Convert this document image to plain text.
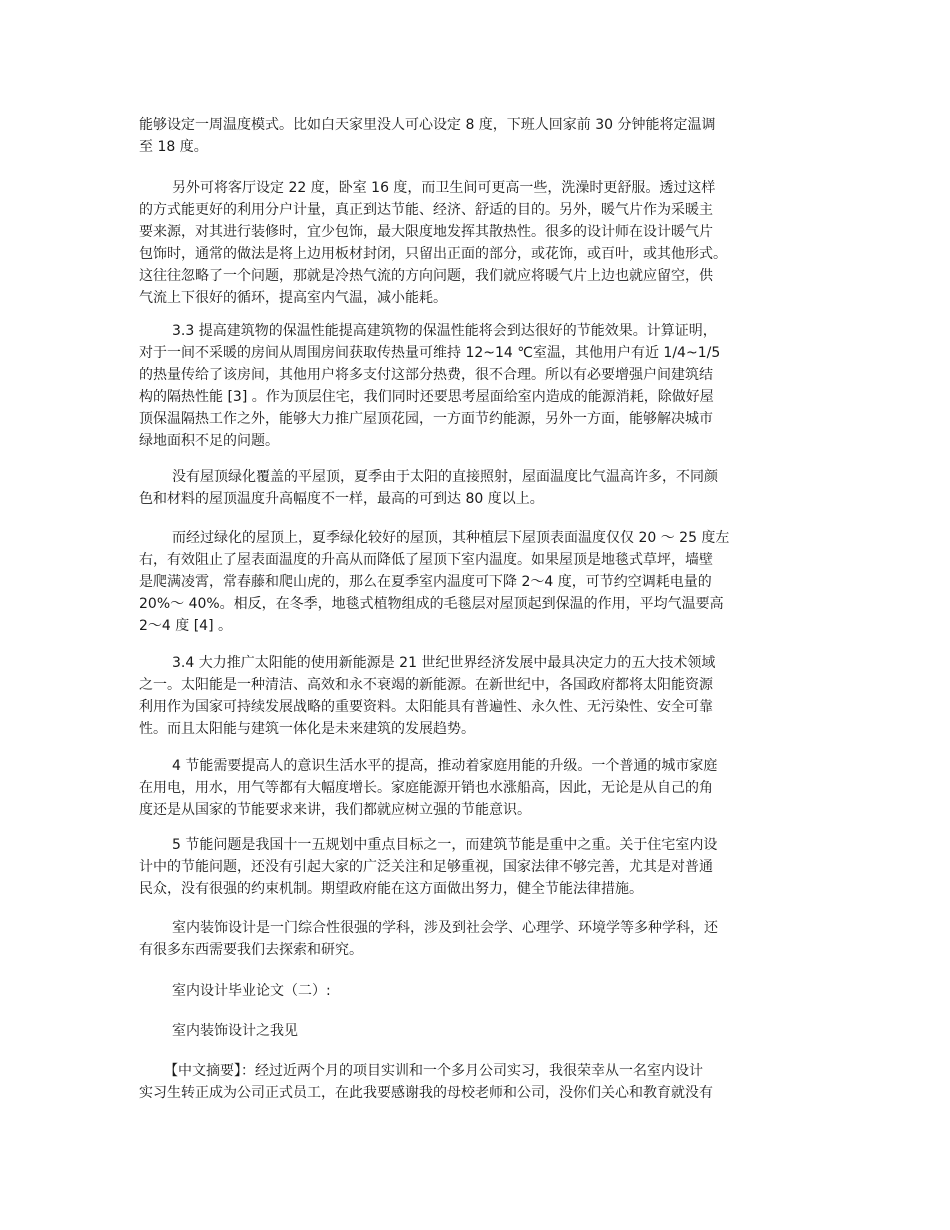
能够设定一周温度模式。比如白天家里没人可心设定 8 度，下班人回家前 30 分钟能将定温调
至 18 度。
另外可将客厅设定 22 度，卧室 16 度，而卫生间可更高一些，洗澡时更舒服。透过这样
的方式能更好的利用分户计量，真正到达节能、经济、舒适的目的。另外，暖气片作为采暖主
要来源，对其进行装修时，宜少包饰，最大限度地发挥其散热性。很多的设计师在设计暖气片
包饰时，通常的做法是将上边用板材封闭，只留出正面的部分，或花饰，或百叶，或其他形式。
这往往忽略了一个问题，那就是冷热气流的方向问题，我们就应将暖气片上边也就应留空，供
气流上下很好的循环，提高室内气温，减小能耗。
3.3 提高建筑物的保温性能提高建筑物的保温性能将会到达很好的节能效果。计算证明，
对于一间不采暖的房间从周围房间获取传热量可维持 12~14 ℃室温，其他用户有近 1/4~1/5
的热量传给了该房间，其他用户将多支付这部分热费，很不合理。所以有必要增强户间建筑结
构的隔热性能 [3] 。作为顶层住宅，我们同时还要思考屋面给室内造成的能源消耗，除做好屋
顶保温隔热工作之外，能够大力推广屋顶花园，一方面节约能源，另外一方面，能够解决城市
绿地面积不足的问题。
没有屋顶绿化覆盖的平屋顶，夏季由于太阳的直接照射，屋面温度比气温高许多，不同颜
色和材料的屋顶温度升高幅度不一样，最高的可到达 80 度以上。
而经过绿化的屋顶上，夏季绿化较好的屋顶，其种植层下屋顶表面温度仅仅 20 ～ 25 度左
右，有效阻止了屋表面温度的升高从而降低了屋顶下室内温度。如果屋顶是地毯式草坪，墙壁
是爬满凌霄，常春藤和爬山虎的，那么在夏季室内温度可下降 2～4 度，可节约空调耗电量的
20%～ 40%。相反，在冬季，地毯式植物组成的毛毯层对屋顶起到保温的作用，平均气温要高
2～4 度 [4] 。
3.4 大力推广太阳能的使用新能源是 21 世纪世界经济发展中最具决定力的五大技术领域
之一。太阳能是一种清洁、高效和永不衰竭的新能源。在新世纪中，各国政府都将太阳能资源
利用作为国家可持续发展战略的重要资料。太阳能具有普遍性、永久性、无污染性、安全可靠
性。而且太阳能与建筑一体化是未来建筑的发展趋势。
4 节能需要提高人的意识生活水平的提高，推动着家庭用能的升级。一个普通的城市家庭
在用电，用水，用气等都有大幅度增长。家庭能源开销也水涨船高，因此，无论是从自己的角
度还是从国家的节能要求来讲，我们都就应树立强的节能意识。
5 节能问题是我国十一五规划中重点目标之一，而建筑节能是重中之重。关于住宅室内设
计中的节能问题，还没有引起大家的广泛关注和足够重视，国家法律不够完善，尤其是对普通
民众，没有很强的约束机制。期望政府能在这方面做出努力，健全节能法律措施。
室内装饰设计是一门综合性很强的学科，涉及到社会学、心理学、环境学等多种学科，还
有很多东西需要我们去探索和研究。
室内设计毕业论文（二）:
室内装饰设计之我见
【中文摘要】：经过近两个月的项目实训和一个多月公司实习，我很荣幸从一名室内设计
实习生转正成为公司正式员工，在此我要感谢我的母校老师和公司，没你们关心和教育就没有
